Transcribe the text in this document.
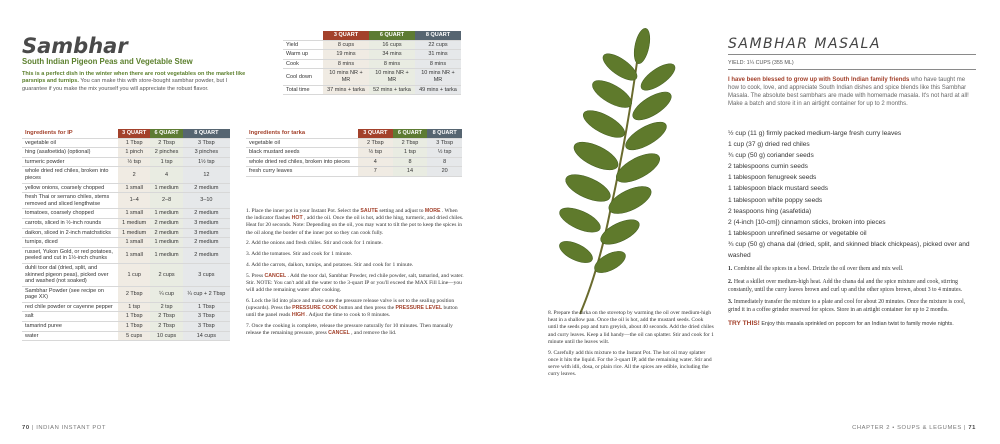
Sambhar
South Indian Pigeon Peas and Vegetable Stew
This is a perfect dish in the winter when there are root vegetables on the market like parsnips and turnips. You can make this with store-bought sambhar powder, but I guarantee if you make the mix yourself you will appreciate the robust flavor.
	3 QUART	6 QUART	8 QUART
Yield	8 cups	16 cups	22 cups
Warm up	19 mins	34 mins	31 mins
Cook	8 mins	8 mins	8 mins
Cool down	10 mins NR + MR	10 mins NR + MR	10 mins NR + MR
Total time	37 mins + tarka	52 mins + tarka	49 mins + tarka
Ingredients for IP	3 QUART	6 QUART	8 QUART
vegetable oil	1 Tbsp	2 Tbsp	3 Tbsp
hing (asafoetida) (optional)	1 pinch	2 pinches	3 pinches
turmeric powder	½ tsp	1 tsp	1½ tsp
whole dried red chiles, broken into pieces	2	4	12
yellow onions, coarsely chopped	1 small	1 medium	2 medium
fresh Thai or serrano chiles, stems removed and sliced lengthwise	1–4	2–8	3–10
tomatoes, coarsely chopped	1 small	1 medium	2 medium
carrots, sliced in ½-inch rounds	1 medium	2 medium	3 medium
daikon, sliced in 2-inch matchsticks	1 medium	2 medium	3 medium
turnips, diced	1 small	1 medium	2 medium
russet, Yukon Gold, or red potatoes, peeled and cut in 1½-inch chunks	1 small	1 medium	2 medium
duhli toor dal (dried, split, and skinned pigeon peas), picked over and washed (not soaked)	1 cup	2 cups	3 cups
Sambhar Powder (see recipe on page XX)	2 Tbsp	¼ cup	¼ cup + 2 Tbsp
red chile powder or cayenne pepper	1 tsp	2 tsp	1 Tbsp
salt	1 Tbsp	2 Tbsp	3 Tbsp
tamarind puree	1 Tbsp	2 Tbsp	3 Tbsp
water	5 cups	10 cups	14 cups
Ingredients for tarka	3 QUART	6 QUART	8 QUART
vegetable oil	2 Tbsp	2 Tbsp	3 Tbsp
black mustard seeds	½ tsp	1 tsp	½ tsp
whole dried red chiles, broken into pieces	4	8	8
fresh curry leaves	7	14	20

1. Place the inner pot in your Instant Pot. Select the SAUTE setting and adjust to MORE . When the indicator flashes HOT , add the oil. Once the oil is hot, add the hing, turmeric, and dried chiles. Heat for 20 seconds. Note: Depending on the oil, you may want to tilt the pot to keep the spices in the oil along the border of the inner pot so they can cook fully.

2. Add the onions and fresh chiles. Stir and cook for 1 minute.

3. Add the tomatoes. Stir and cook for 1 minute.

4. Add the carrots, daikon, turnips, and potatoes. Stir and cook for 1 minute.

5. Press CANCEL . Add the toor dal, Sambhar Powder, red chile powder, salt, tamarind, and water. Stir. NOTE: You can't add all the water to the 3-quart IP or you'll exceed the MAX Fill Line—you will add the remaining water after cooking.

6. Lock the lid into place and make sure the pressure release valve is set to the sealing position (upwards). Press the PRESSURE COOK button and then press the PRESSURE LEVEL button until the panel reads HIGH . Adjust the time to cook to 8 minutes.

7. Once the cooking is complete, release the pressure naturally for 10 minutes. Then manually release the remaining pressure, press CANCEL , and remove the lid.

70 | INDIAN INSTANT POT

8. Prepare the tarka on the stovetop by warming the oil over medium-high heat in a shallow pan. Once the oil is hot, add the mustard seeds. Cook until the seeds pop and turn greyish, about 40 seconds. Add the dried chiles and curry leaves. Keep a lid handy—the oil can splatter. Stir and cook for 1 minute until the leaves wilt.

9. Carefully add this mixture to the Instant Pot. The hot oil may splatter once it hits the liquid. For the 3-quart IP, add the remaining water. Stir and serve with idli, dosa, or plain rice. All the spices are edible, including the curry leaves.

CHAPTER 2 • SOUPS & LEGUMES | 71
SAMBHAR MASALA
YIELD: 1¼ CUPS (355 ML)
I have been blessed to grow up with South Indian family friends who have taught me how to cook, love, and appreciate South Indian dishes and spice blends like this Sambhar Masala. The absolute best sambhars are made with homemade masala. It's not hard at all! Make a batch and store it in an airtight container for up to 2 months.
½ cup (11 g) firmly packed medium-large fresh curry leaves
1 cup (37 g) dried red chiles
¾ cup (50 g) coriander seeds
2 tablespoons cumin seeds
1 tablespoon fenugreek seeds
1 tablespoon black mustard seeds
1 tablespoon white poppy seeds
2 teaspoons hing (asafetida)
2 (4-inch [10-cm]) cinnamon sticks, broken into pieces
1 tablespoon unrefined sesame or vegetable oil
¾ cup (50 g) chana dal (dried, split, and skinned black chickpeas), picked over and washed

1. Combine all the spices in a bowl. Drizzle the oil over them and mix well.

2. Heat a skillet over medium-high heat. Add the chana dal and the spice mixture and cook, stirring constantly, until the curry leaves brown and curl up and the other spices brown, about 3 to 4 minutes.

3. Immediately transfer the mixture to a plate and cool for about 20 minutes. Once the mixture is cool, grind it in a coffee grinder reserved for spices. Store in an airtight container for up to 2 months.

TRY THIS! Enjoy this masala sprinkled on popcorn for an Indian twist to family movie nights.
